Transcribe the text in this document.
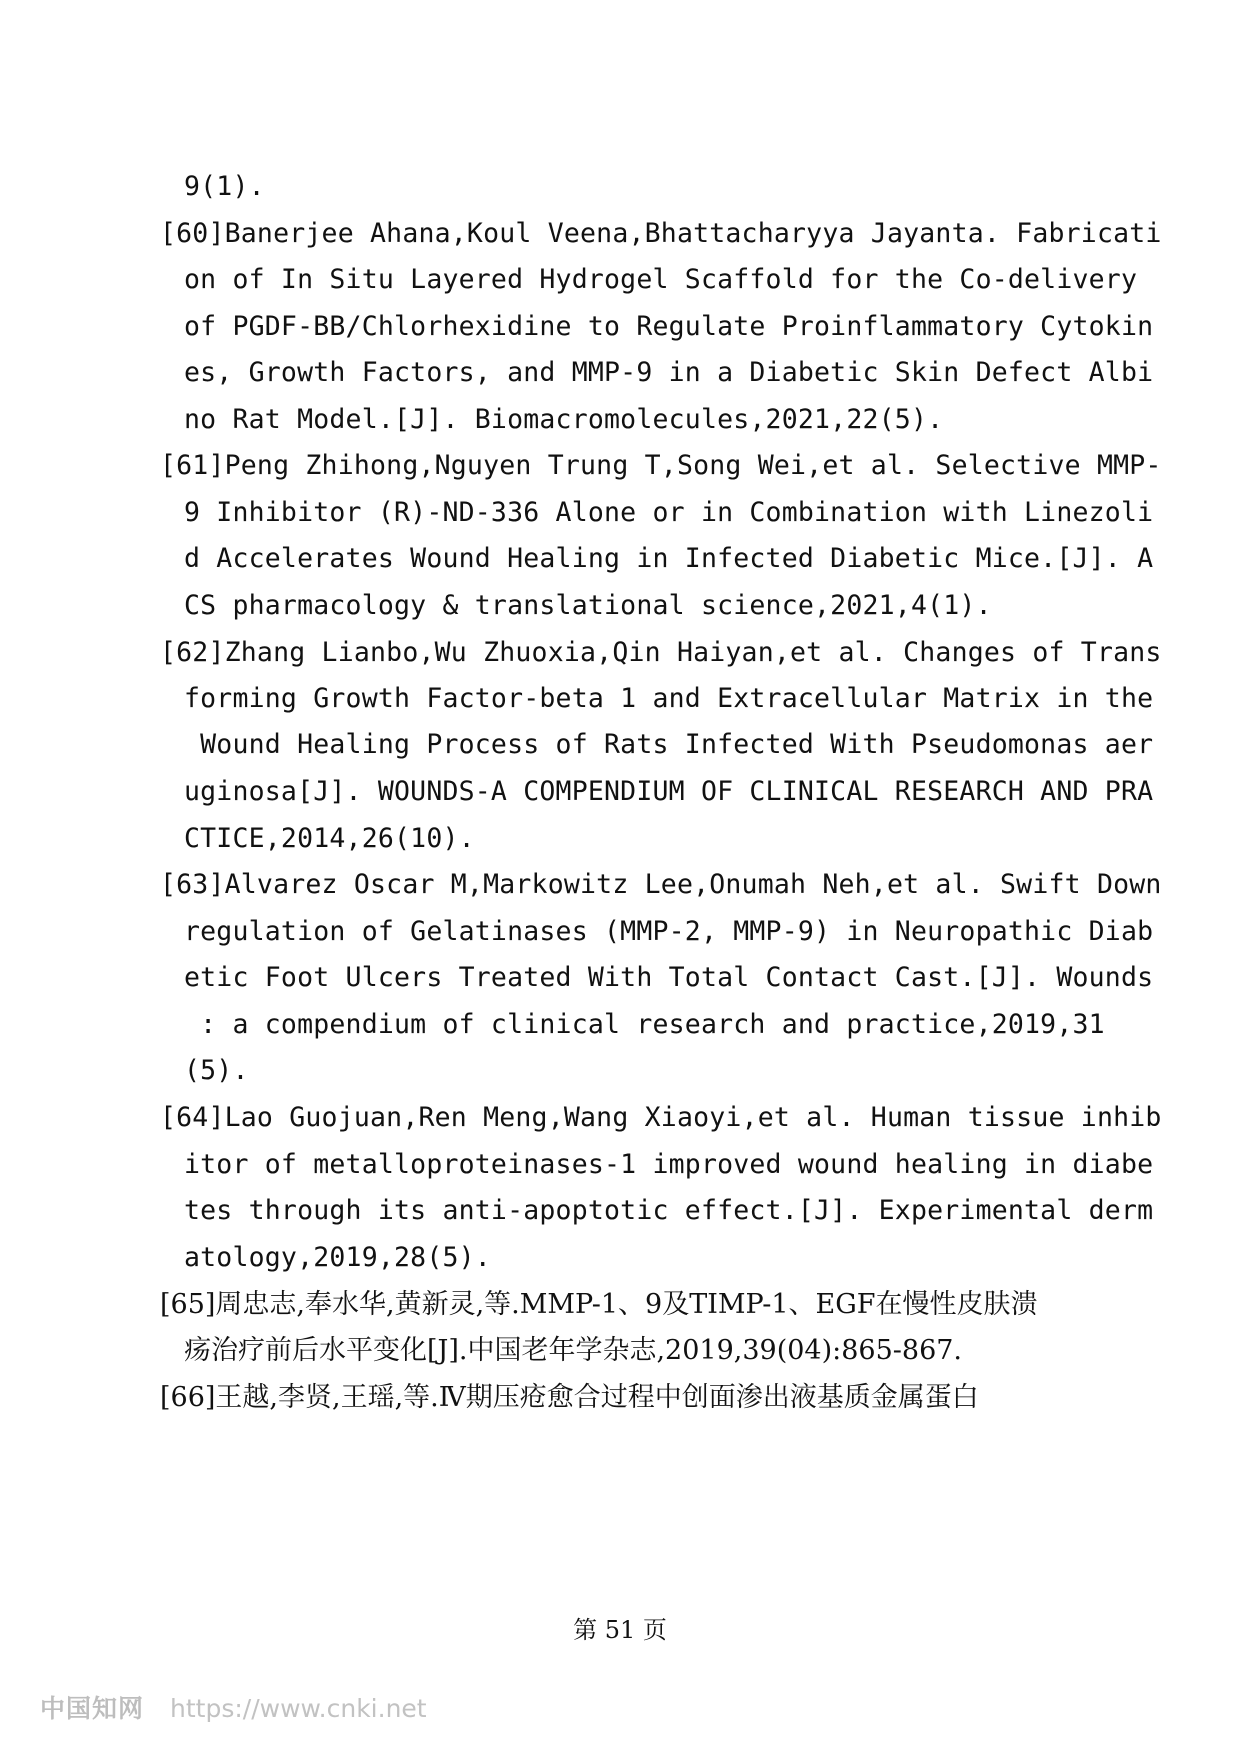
9(1).
[60]Banerjee Ahana,Koul Veena,Bhattacharyya Jayanta. Fabricati
on of In Situ Layered Hydrogel Scaffold for the Co-delivery
of PGDF-BB/Chlorhexidine to Regulate Proinflammatory Cytokin
es, Growth Factors, and MMP-9 in a Diabetic Skin Defect Albi
no Rat Model.[J]. Biomacromolecules,2021,22(5).
[61]Peng Zhihong,Nguyen Trung T,Song Wei,et al. Selective MMP-
9 Inhibitor (R)-ND-336 Alone or in Combination with Linezoli
d Accelerates Wound Healing in Infected Diabetic Mice.[J]. A
CS pharmacology & translational science,2021,4(1).
[62]Zhang Lianbo,Wu Zhuoxia,Qin Haiyan,et al. Changes of Trans
forming Growth Factor-beta 1 and Extracellular Matrix in the
Wound Healing Process of Rats Infected With Pseudomonas aer
uginosa[J]. WOUNDS-A COMPENDIUM OF CLINICAL RESEARCH AND PRA
CTICE,2014,26(10).
[63]Alvarez Oscar M,Markowitz Lee,Onumah Neh,et al. Swift Down
regulation of Gelatinases (MMP-2, MMP-9) in Neuropathic Diab
etic Foot Ulcers Treated With Total Contact Cast.[J]. Wounds
: a compendium of clinical research and practice,2019,31
(5).
[64]Lao Guojuan,Ren Meng,Wang Xiaoyi,et al. Human tissue inhib
itor of metalloproteinases-1 improved wound healing in diabe
tes through its anti-apoptotic effect.[J]. Experimental derm
atology,2019,28(5).
[65]周忠志,奉水华,黄新灵,等.MMP-1、9及TIMP-1、EGF在慢性皮肤溃
疡治疗前后水平变化[J].中国老年学杂志,2019,39(04):865-867.
[66]王越,李贤,王瑶,等.Ⅳ期压疮愈合过程中创面渗出液基质金属蛋白
第 51 页
中国知网 https://www.cnki.net
